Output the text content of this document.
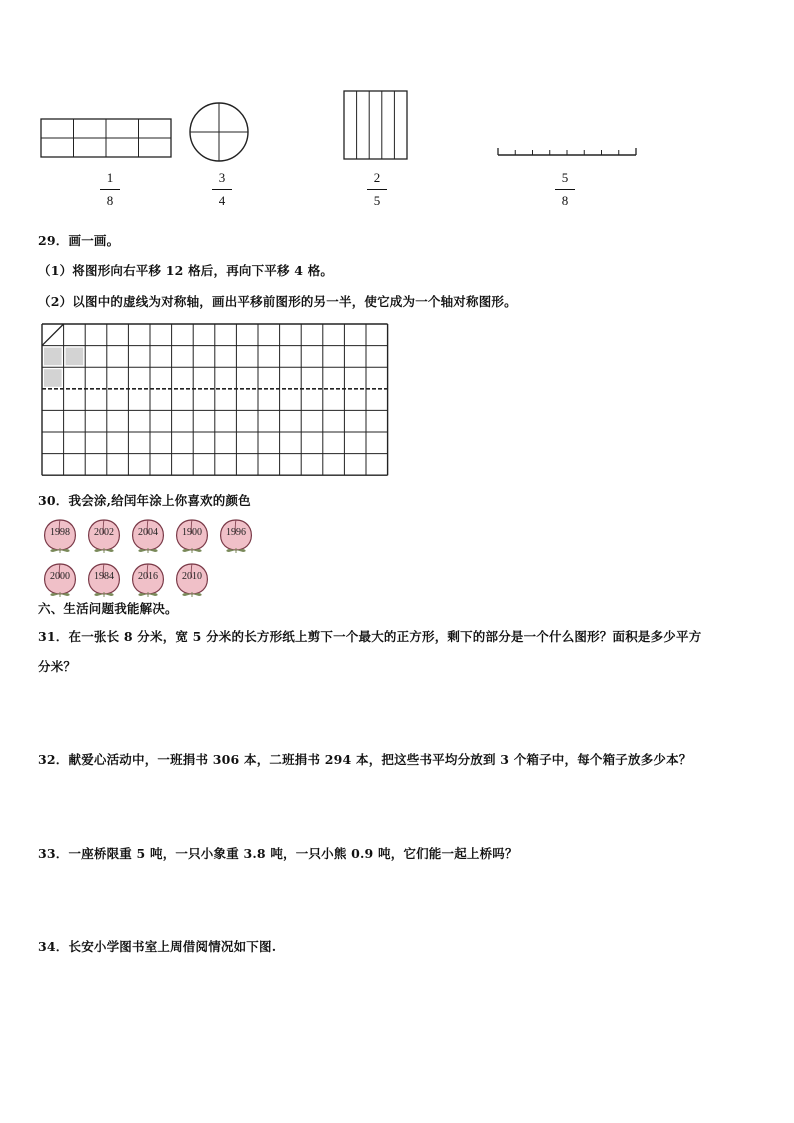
1
8
3
4
2
5
5
8
29．画一画。
（1）将图形向右平移 12 格后，再向下平移 4 格。
（2）以图中的虚线为对称轴，画出平移前图形的另一半，使它成为一个轴对称图形。
30．我会涂,给闰年涂上你喜欢的颜色
1998	2002	2004	1900	1996
2000	1984	2016	2010
六、生活问题我能解决。
31．在一张长 8 分米，宽 5 分米的长方形纸上剪下一个最大的正方形，剩下的部分是一个什么图形？面积是多少平方
分米？
32．献爱心活动中，一班捐书 306 本，二班捐书 294 本，把这些书平均分放到 3 个箱子中，每个箱子放多少本？
33．一座桥限重 5 吨，一只小象重 3.8 吨，一只小熊 0.9 吨，它们能一起上桥吗？
34．长安小学图书室上周借阅情况如下图.
